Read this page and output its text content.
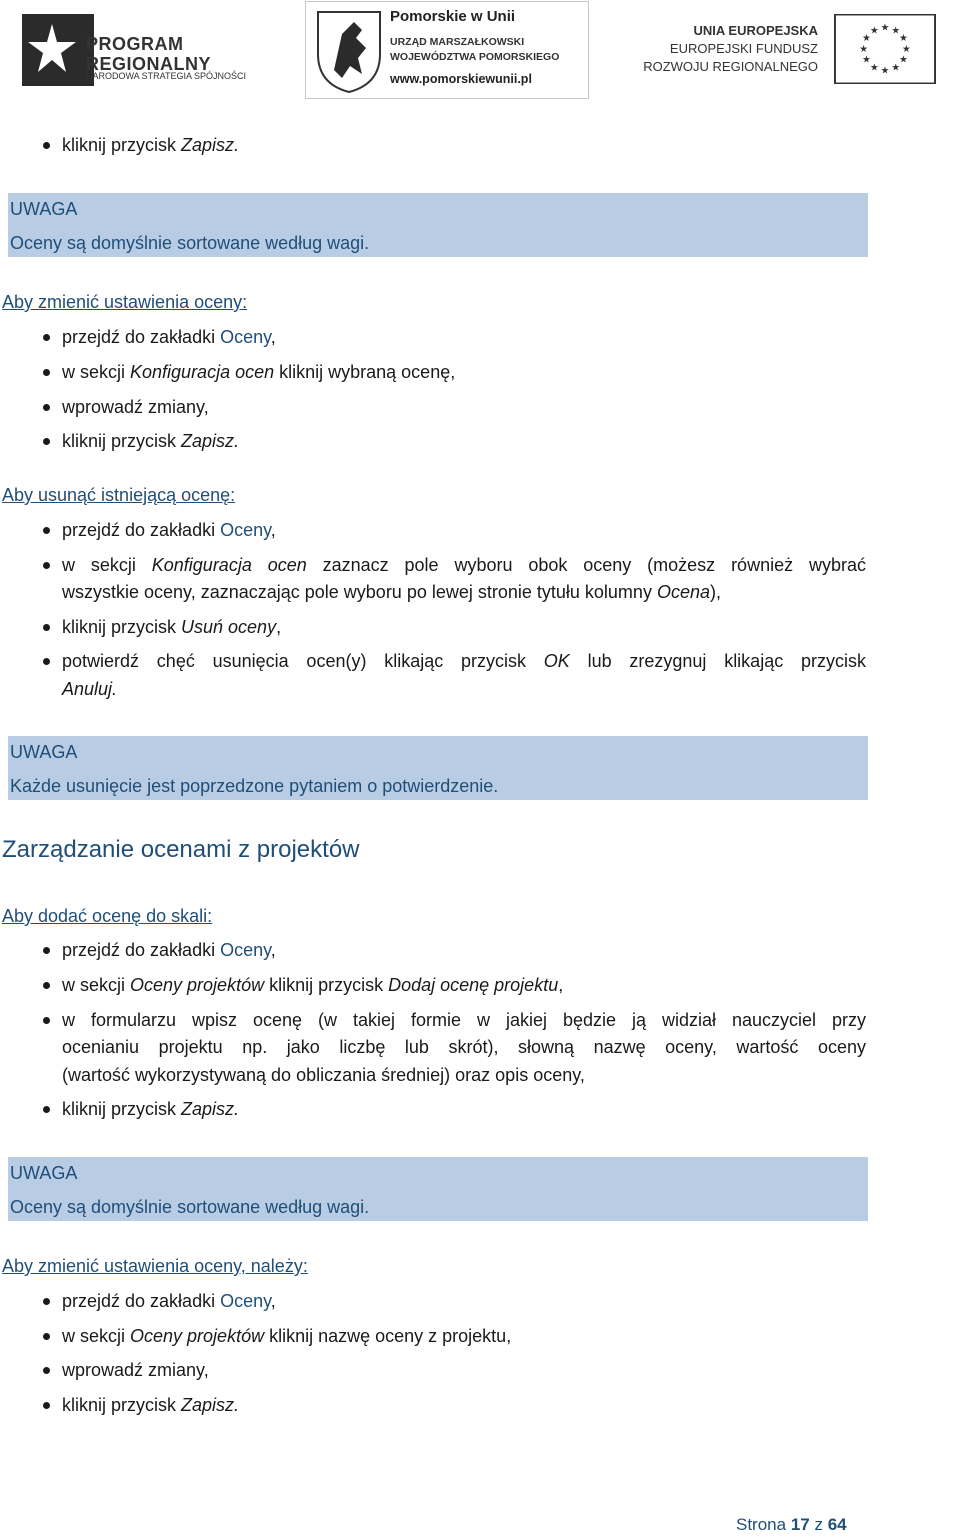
PROGRAM
REGIONALNY
NARODOWA STRATEGIA SPÓJNOŚCI
Pomorskie w Unii
URZĄD MARSZAŁKOWSKI
WOJEWÓDZTWA POMORSKIEGO
www.pomorskiewunii.pl
UNIA EUROPEJSKA
EUROPEJSKI FUNDUSZ
ROZWOJU REGIONALNEGO
★ ★
★
★
★
★
★
★
★
★
★
★
kliknij przycisk Zapisz.
UWAGA
Oceny są domyślnie sortowane według wagi.
Aby zmienić ustawienia oceny:
przejdź do zakładki Oceny,
w sekcji Konfiguracja ocen kliknij wybraną ocenę,
wprowadź zmiany,
kliknij przycisk Zapisz.
Aby usunąć istniejącą ocenę:
przejdź do zakładki Oceny,
w sekcji Konfiguracja ocen zaznacz pole wyboru obok oceny (możesz również wybrać
wszystkie oceny, zaznaczając pole wyboru po lewej stronie tytułu kolumny Ocena),
kliknij przycisk Usuń oceny,
potwierdź chęć usunięcia ocen(y) klikając przycisk OK lub zrezygnuj klikając przycisk
Anuluj.
UWAGA
Każde usunięcie jest poprzedzone pytaniem o potwierdzenie.
Zarządzanie ocenami z projektów
Aby dodać ocenę do skali:
przejdź do zakładki Oceny,
w sekcji Oceny projektów kliknij przycisk Dodaj ocenę projektu,
w formularzu wpisz ocenę (w takiej formie w jakiej będzie ją widział nauczyciel przy
ocenianiu projektu np. jako liczbę lub skrót), słowną nazwę oceny, wartość oceny
(wartość wykorzystywaną do obliczania średniej) oraz opis oceny,
kliknij przycisk Zapisz.
UWAGA
Oceny są domyślnie sortowane według wagi.
Aby zmienić ustawienia oceny, należy:
przejdź do zakładki Oceny,
w sekcji Oceny projektów kliknij nazwę oceny z projektu,
wprowadź zmiany,
kliknij przycisk Zapisz.
Strona 17 z 64
